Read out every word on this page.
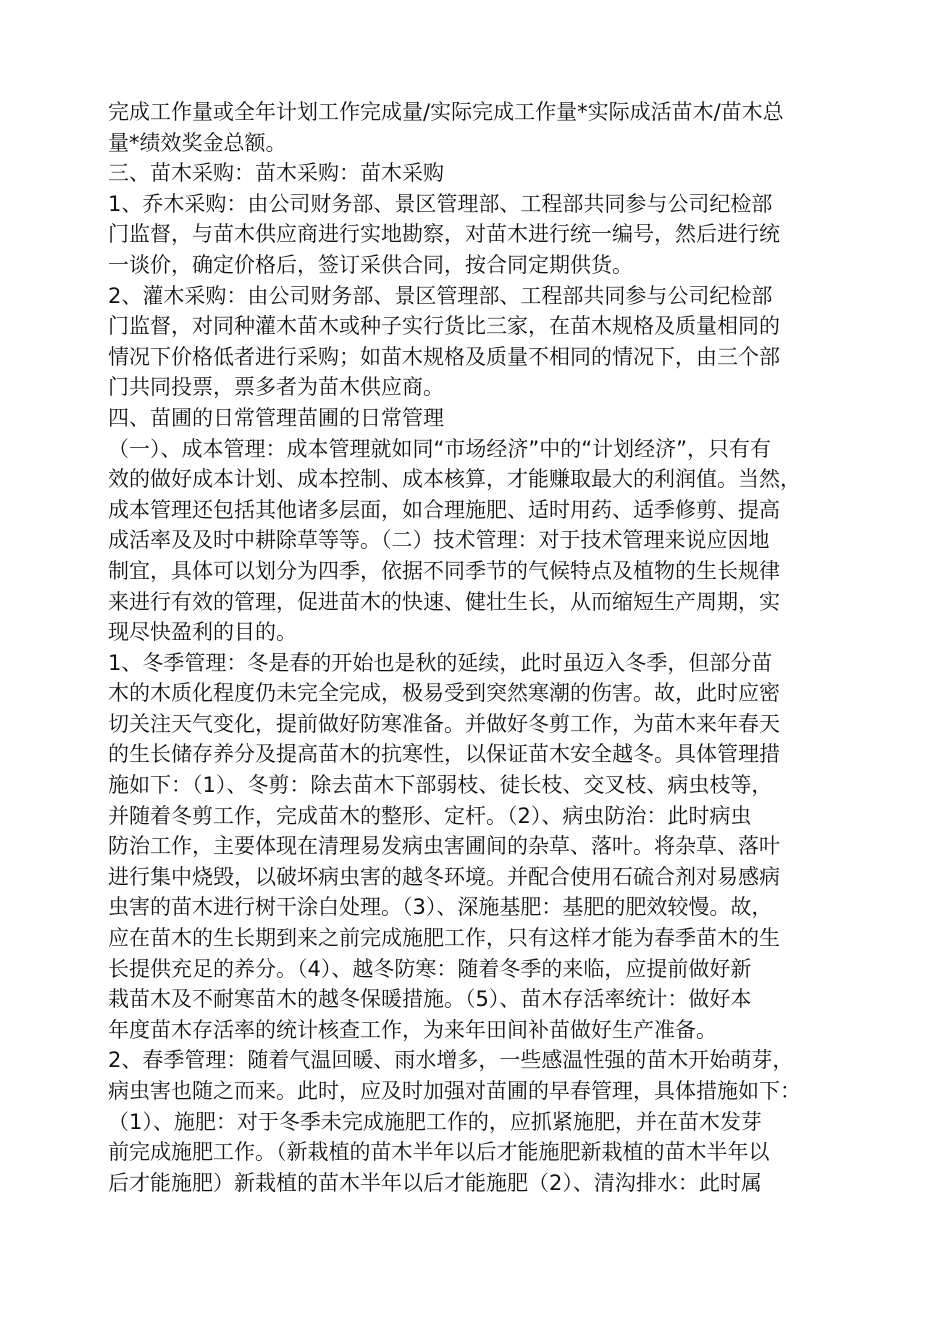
完成工作量或全年计划工作完成量/实际完成工作量*实际成活苗木/苗木总
量*绩效奖金总额。
三、苗木采购：苗木采购：苗木采购
1、乔木采购：由公司财务部、景区管理部、工程部共同参与公司纪检部
门监督，与苗木供应商进行实地勘察，对苗木进行统一编号，然后进行统
一谈价，确定价格后，签订采供合同，按合同定期供货。
2、灌木采购：由公司财务部、景区管理部、工程部共同参与公司纪检部
门监督，对同种灌木苗木或种子实行货比三家，在苗木规格及质量相同的
情况下价格低者进行采购；如苗木规格及质量不相同的情况下，由三个部
门共同投票，票多者为苗木供应商。
四、苗圃的日常管理苗圃的日常管理
（一）、成本管理：成本管理就如同“市场经济”中的“计划经济”，只有有
效的做好成本计划、成本控制、成本核算，才能赚取最大的利润值。当然，
成本管理还包括其他诸多层面，如合理施肥、适时用药、适季修剪、提高
成活率及及时中耕除草等等。（二）技术管理：对于技术管理来说应因地
制宜，具体可以划分为四季，依据不同季节的气候特点及植物的生长规律
来进行有效的管理，促进苗木的快速、健壮生长，从而缩短生产周期，实
现尽快盈利的目的。
1、冬季管理：冬是春的开始也是秋的延续，此时虽迈入冬季，但部分苗
木的木质化程度仍未完全完成，极易受到突然寒潮的伤害。故，此时应密
切关注天气变化，提前做好防寒准备。并做好冬剪工作，为苗木来年春天
的生长储存养分及提高苗木的抗寒性，以保证苗木安全越冬。具体管理措
施如下：（1）、冬剪：除去苗木下部弱枝、徒长枝、交叉枝、病虫枝等，
并随着冬剪工作，完成苗木的整形、定杆。（2）、病虫防治：此时病虫
防治工作，主要体现在清理易发病虫害圃间的杂草、落叶。将杂草、落叶
进行集中烧毁，以破坏病虫害的越冬环境。并配合使用石硫合剂对易感病
虫害的苗木进行树干涂白处理。（3）、深施基肥：基肥的肥效较慢。故，
应在苗木的生长期到来之前完成施肥工作，只有这样才能为春季苗木的生
长提供充足的养分。（4）、越冬防寒：随着冬季的来临，应提前做好新
栽苗木及不耐寒苗木的越冬保暖措施。（5）、苗木存活率统计：做好本
年度苗木存活率的统计核查工作，为来年田间补苗做好生产准备。
2、春季管理：随着气温回暖、雨水增多，一些感温性强的苗木开始萌芽，
病虫害也随之而来。此时，应及时加强对苗圃的早春管理，具体措施如下：
（1）、施肥：对于冬季未完成施肥工作的，应抓紧施肥，并在苗木发芽
前完成施肥工作。（新栽植的苗木半年以后才能施肥新栽植的苗木半年以
后才能施肥）新栽植的苗木半年以后才能施肥（2）、清沟排水：此时属
